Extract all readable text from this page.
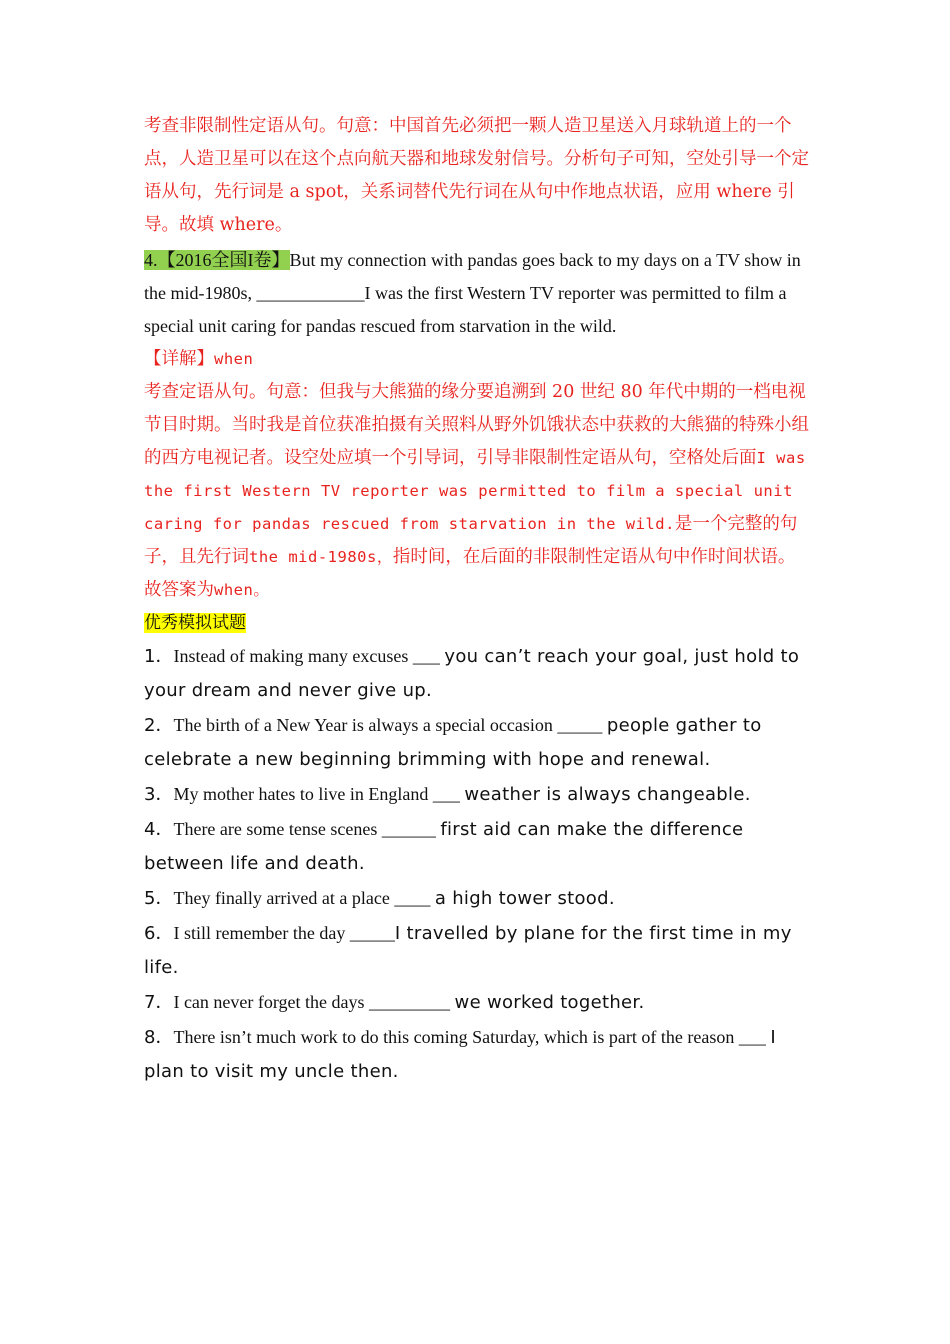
考查非限制性定语从句。句意：中国首先必须把一颗人造卫星送入月球轨道上的一个点，人造卫星可以在这个点向航天器和地球发射信号。分析句子可知，空处引导一个定语从句，先行词是 a spot，关系词替代先行词在从句中作地点状语，应用 where 引导。故填 where。

4.【2016全国I卷】But my connection with pandas goes back to my days on a TV show in the mid-1980s, ____________I was the first Western TV reporter was permitted to film a special unit caring for pandas rescued from starvation in the wild.

【详解】when

考查定语从句。句意：但我与大熊猫的缘分要追溯到 20 世纪 80 年代中期的一档电视节目时期。当时我是首位获准拍摄有关照料从野外饥饿状态中获救的大熊猫的特殊小组的西方电视记者。设空处应填一个引导词，引导非限制性定语从句，空格处后面I was the first Western TV reporter was permitted to film a special unit caring for pandas rescued from starvation in the wild.是一个完整的句子，且先行词the mid-1980s，指时间，在后面的非限制性定语从句中作时间状语。故答案为when。

优秀模拟试题

1．Instead of making many excuses ___ you can’t reach your goal, just hold to your dream and never give up.

2．The birth of a New Year is always a special occasion _____ people gather to celebrate a new beginning brimming with hope and renewal.

3．My mother hates to live in England ___ weather is always changeable.

4．There are some tense scenes ______ first aid can make the difference between life and death.

5．They finally arrived at a place ____ a high tower stood.

6．I still remember the day _____I travelled by plane for the first time in my life.

7．I can never forget the days _________ we worked together.

8．There isn’t much work to do this coming Saturday, which is part of the reason ___ I plan to visit my uncle then.
